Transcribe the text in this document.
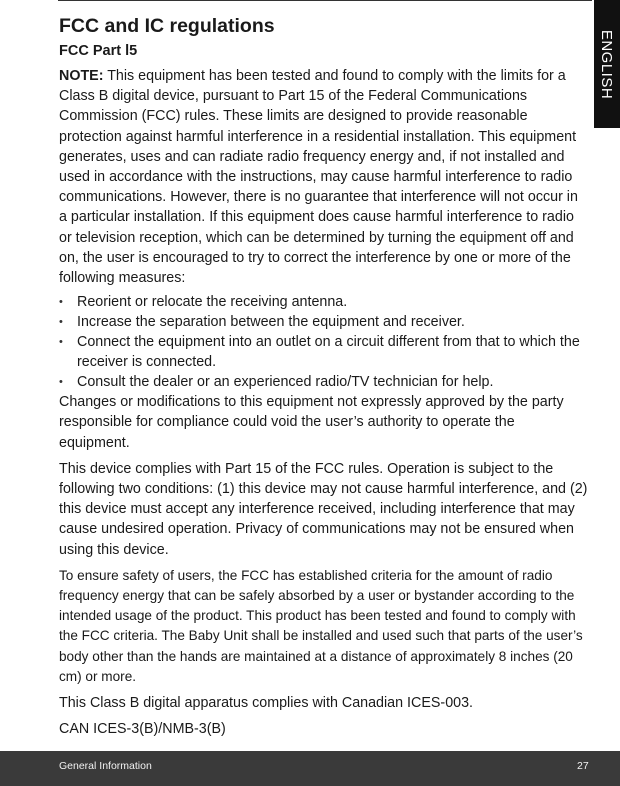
ENGLISH
FCC and IC regulations
FCC Part l5

NOTE: This equipment has been tested and found to comply with the limits for a Class B digital device, pursuant to Part 15 of the Federal Communications Commission (FCC) rules. These limits are designed to provide reasonable protection against harmful interference in a residential installation. This equipment generates, uses and can radiate radio frequency energy and, if not installed and used in accordance with the instructions, may cause harmful interference to radio communications. However, there is no guarantee that interference will not occur in a particular installation. If this equipment does cause harmful interference to radio or television reception, which can be determined by turning the equipment off and on, the user is encouraged to try to correct the interference by one or more of the following measures:

• Reorient or relocate the receiving antenna.
• Increase the separation between the equipment and receiver.
• Connect the equipment into an outlet on a circuit different from that to which the receiver is connected.
• Consult the dealer or an experienced radio/TV technician for help.

Changes or modifications to this equipment not expressly approved by the party responsible for compliance could void the user’s authority to operate the equipment.

This device complies with Part 15 of the FCC rules. Operation is subject to the following two conditions: (1) this device may not cause harmful interference, and (2) this device must accept any interference received, including interference that may cause undesired operation. Privacy of communications may not be ensured when using this device.

To ensure safety of users, the FCC has established criteria for the amount of radio frequency energy that can be safely absorbed by a user or bystander according to the intended usage of the product. This product has been tested and found to comply with the FCC criteria. The Baby Unit shall be installed and used such that parts of the user’s body other than the hands are maintained at a distance of approximately 8 inches (20 cm) or more.

This Class B digital apparatus complies with Canadian ICES-003.

CAN ICES-3(B)/NMB-3(B)

General Information	27
